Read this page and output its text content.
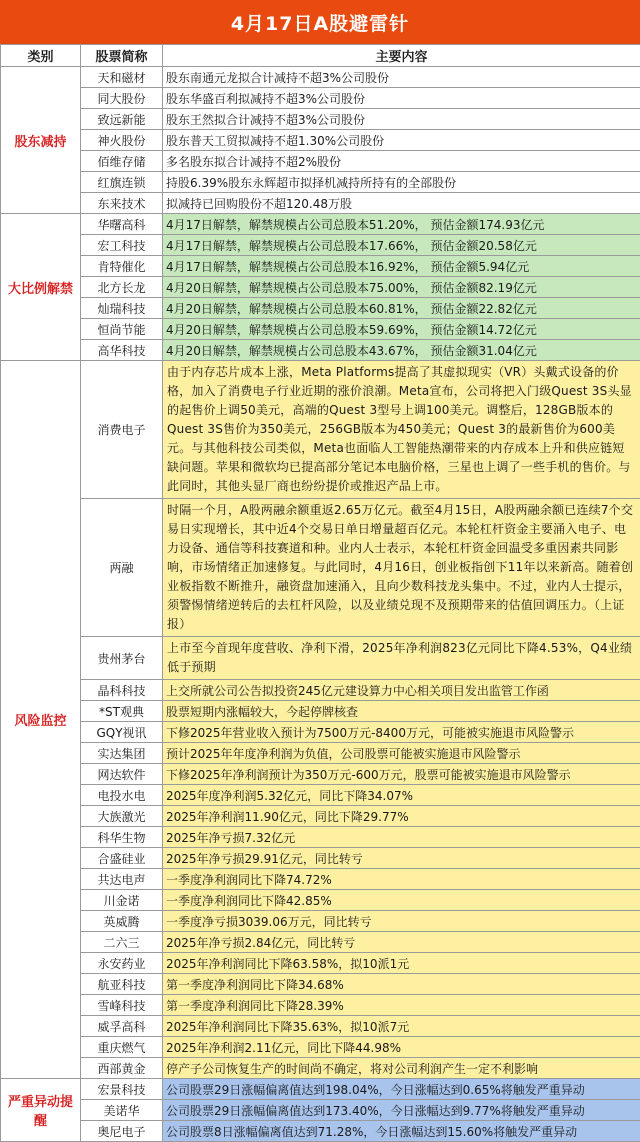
4月17日A股避雷针
类别	股票简称	主要内容
股东减持	天和磁材	股东南通元龙拟合计减持不超3%公司股份
	同大股份	股东华盛百利拟减持不超3%公司股份
	致远新能	股东王然拟合计减持不超3%公司股份
	神火股份	股东普天工贸拟减持不超1.30%公司股份
	佰维存储	多名股东拟合计减持不超2%股份
	红旗连锁	持股6.39%股东永辉超市拟择机减持所持有的全部股份
	东来技术	拟减持已回购股份不超120.48万股
大比例解禁	华曙高科	4月17日解禁，解禁规模占公司总股本51.20%， 预估金额174.93亿元
	宏工科技	4月17日解禁，解禁规模占公司总股本17.66%， 预估金额20.58亿元
	肯特催化	4月17日解禁，解禁规模占公司总股本16.92%， 预估金额5.94亿元
	北方长龙	4月20日解禁，解禁规模占公司总股本75.00%， 预估金额82.19亿元
	灿瑞科技	4月20日解禁，解禁规模占公司总股本60.81%， 预估金额22.82亿元
	恒尚节能	4月20日解禁，解禁规模占公司总股本59.69%， 预估金额14.72亿元
	高华科技	4月20日解禁，解禁规模占公司总股本43.67%， 预估金额31.04亿元
风险监控	消费电子	由于内存芯片成本上涨，Meta Platforms提高了其虚拟现实（VR）头戴式设备的价格，加入了消费电子行业近期的涨价浪潮。Meta宣布，公司将把入门级Quest 3S头显的起售价上调50美元，高端的Quest 3型号上调100美元。调整后，128GB版本的Quest 3S售价为350美元，256GB版本为450美元；Quest 3的最新售价为600美元。与其他科技公司类似，Meta也面临人工智能热潮带来的内存成本上升和供应链短缺问题。苹果和微软均已提高部分笔记本电脑价格，三星也上调了一些手机的售价。与此同时，其他头显厂商也纷纷提价或推迟产品上市。
	两融	时隔一个月，A股两融余额重返2.65万亿元。截至4月15日，A股两融余额已连续7个交易日实现增长，其中近4个交易日单日增量超百亿元。本轮杠杆资金主要涌入电子、电力设备、通信等科技赛道和种。业内人士表示，本轮杠杆资金回温受多重因素共同影响，市场情绪正加速修复。与此同时，4月16日，创业板指创下11年以来新高。随着创业板指数不断推升，融资盘加速涌入，且向少数科技龙头集中。不过，业内人士提示，须警惕情绪逆转后的去杠杆风险，以及业绩兑现不及预期带来的估值回调压力。（上证报）
	贵州茅台	上市至今首现年度营收、净利下滑，2025年净利润823亿元同比下降4.53%，Q4业绩低于预期
	晶科科技	上交所就公司公告拟投资245亿元建设算力中心相关项目发出监管工作函
	*ST观典	股票短期内涨幅较大，今起停牌核查
	GQY视讯	下修2025年营业收入预计为7500万元-8400万元，可能被实施退市风险警示
	实达集团	预计2025年年度净利润为负值，公司股票可能被实施退市风险警示
	网达软件	下修2025年净利润预计为350万元-600万元，股票可能被实施退市风险警示
	电投水电	2025年度净利润5.32亿元，同比下降34.07%
	大族激光	2025年净利润11.90亿元，同比下降29.77%
	科华生物	2025年净亏损7.32亿元
	合盛硅业	2025年净亏损29.91亿元，同比转亏
	共达电声	一季度净利润同比下降74.72%
	川金诺	一季度净利润同比下降42.85%
	英威腾	一季度净亏损3039.06万元，同比转亏
	二六三	2025年净亏损2.84亿元，同比转亏
	永安药业	2025年净利润同比下降63.58%，拟10派1元
	航亚科技	第一季度净利润同比下降34.68%
	雪峰科技	第一季度净利润同比下降28.39%
	威孚高科	2025年净利润同比下降35.63%，拟10派7元
	重庆燃气	2025年净利润2.11亿元，同比下降44.98%
	西部黄金	停产子公司恢复生产的时间尚不确定，将对公司利润产生一定不利影响
严重异动提醒	宏景科技	公司股票29日涨幅偏离值达到198.04%，今日涨幅达到0.65%将触发严重异动
	美诺华	公司股票29日涨幅偏离值达到173.40%，今日涨幅达到9.77%将触发严重异动
	奥尼电子	公司股票8日涨幅偏离值达到71.28%，今日涨幅达到15.60%将触发严重异动
